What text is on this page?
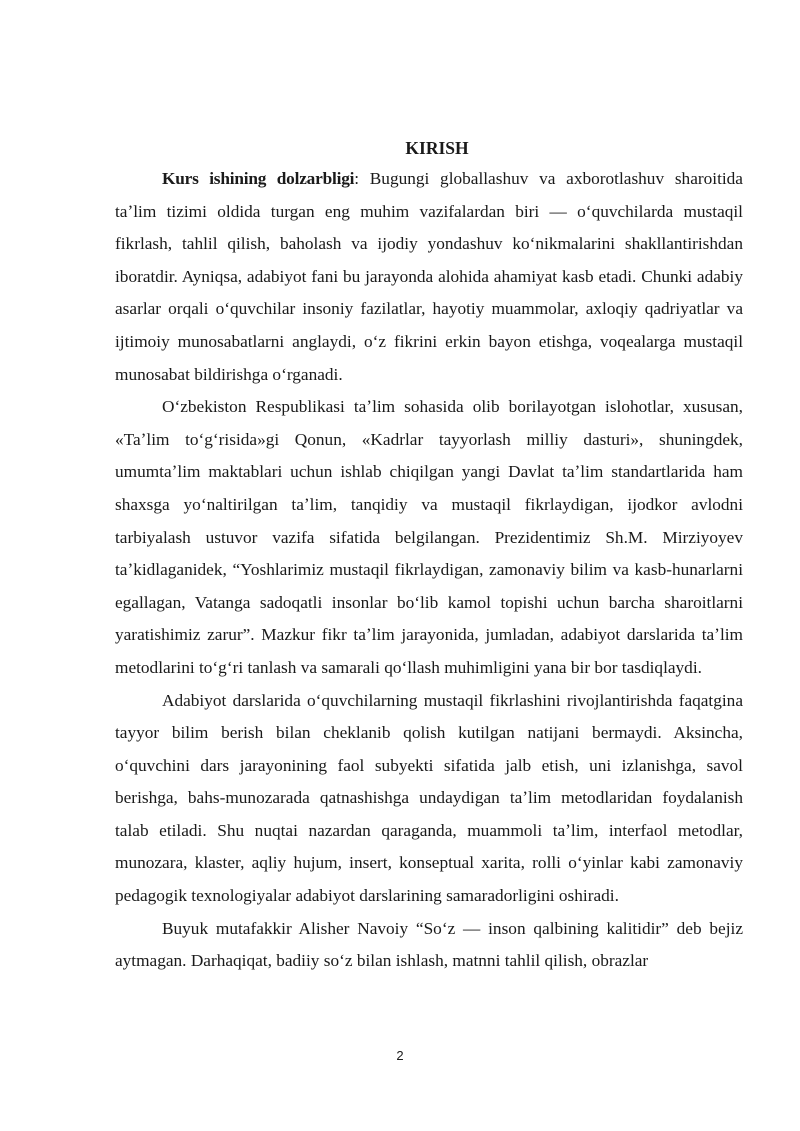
KIRISH

Kurs ishining dolzarbligi: Bugungi globallashuv va axborotlashuv sharoitida taʼlim tizimi oldida turgan eng muhim vazifalardan biri — oʻquvchilarda mustaqil fikrlash, tahlil qilish, baholash va ijodiy yondashuv koʻnikmalarini shakllantirishdan iboratdir. Ayniqsa, adabiyot fani bu jarayonda alohida ahamiyat kasb etadi. Chunki adabiy asarlar orqali oʻquvchilar insoniy fazilatlar, hayotiy muammolar, axloqiy qadriyatlar va ijtimoiy munosabatlarni anglaydi, oʻz fikrini erkin bayon etishga, voqealarga mustaqil munosabat bildirishga oʻrganadi.

Oʻzbekiston Respublikasi taʼlim sohasida olib borilayotgan islohotlar, xususan, «Taʼlim toʻgʻrisida»gi Qonun, «Kadrlar tayyorlash milliy dasturi», shuningdek, umumtaʼlim maktablari uchun ishlab chiqilgan yangi Davlat taʼlim standartlarida ham shaxsga yoʻnaltirilgan taʼlim, tanqidiy va mustaqil fikrlaydigan, ijodkor avlodni tarbiyalash ustuvor vazifa sifatida belgilangan. Prezidentimiz Sh.M. Mirziyoyev taʼkidlaganidek, “Yoshlarimiz mustaqil fikrlaydigan, zamonaviy bilim va kasb-hunarlarni egallagan, Vatanga sadoqatli insonlar boʻlib kamol topishi uchun barcha sharoitlarni yaratishimiz zarur”. Mazkur fikr taʼlim jarayonida, jumladan, adabiyot darslarida taʼlim metodlarini toʻgʻri tanlash va samarali qoʻllash muhimligini yana bir bor tasdiqlaydi.

Adabiyot darslarida oʻquvchilarning mustaqil fikrlashini rivojlantirishda faqatgina tayyor bilim berish bilan cheklanib qolish kutilgan natijani bermaydi. Aksincha, oʻquvchini dars jarayonining faol subyekti sifatida jalb etish, uni izlanishga, savol berishga, bahs-munozarada qatnashishga undaydigan taʼlim metodlaridan foydalanish talab etiladi. Shu nuqtai nazardan qaraganda, muammoli taʼlim, interfaol metodlar, munozara, klaster, aqliy hujum, insert, konseptual xarita, rolli oʻyinlar kabi zamonaviy pedagogik texnologiyalar adabiyot darslarining samaradorligini oshiradi.

Buyuk mutafakkir Alisher Navoiy “Soʻz — inson qalbining kalitidir” deb bejiz aytmagan. Darhaqiqat, badiiy soʻz bilan ishlash, matnni tahlil qilish, obrazlar

2
